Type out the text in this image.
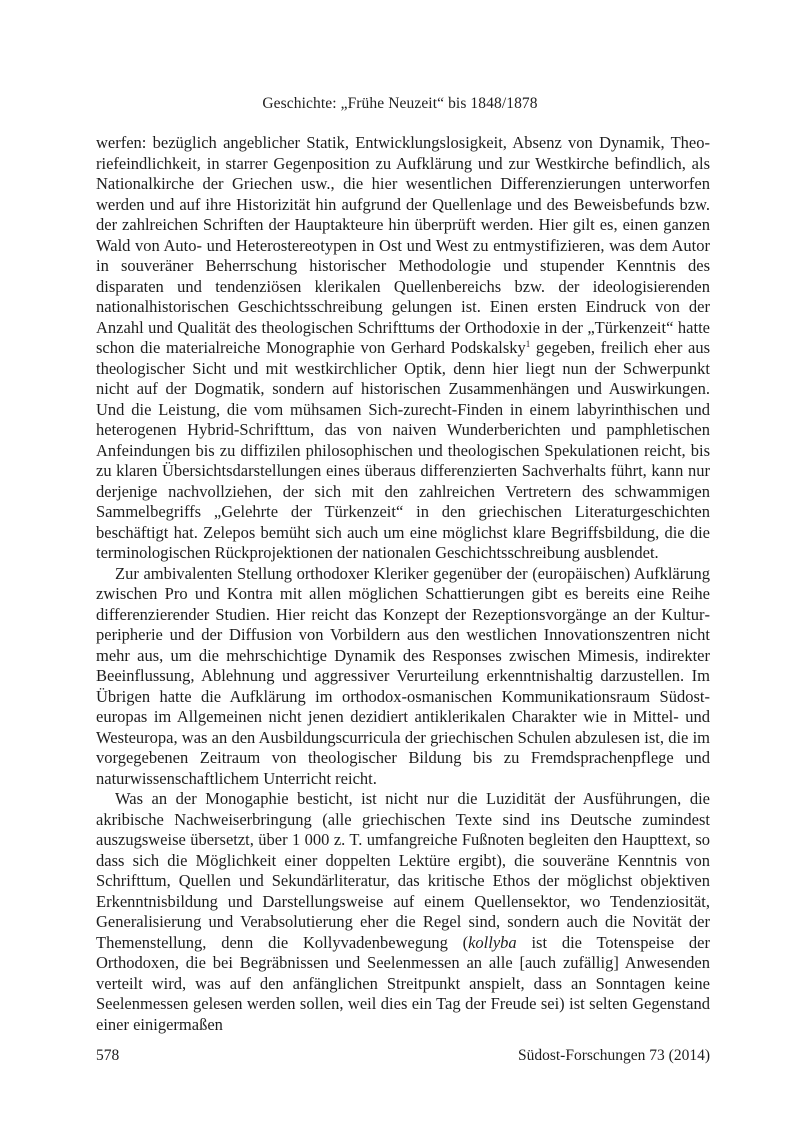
Geschichte: „Frühe Neuzeit“ bis 1848/1878

werfen: bezüglich angeblicher Statik, Entwicklungslosigkeit, Absenz von Dynamik, Theoriefeindlichkeit, in starrer Gegenposition zu Aufklärung und zur Westkirche befindlich, als Nationalkirche der Griechen usw., die hier wesentlichen Differenzierungen unterworfen werden und auf ihre Historizität hin aufgrund der Quellenlage und des Beweisbefunds bzw. der zahlreichen Schriften der Hauptakteure hin überprüft werden. Hier gilt es, einen ganzen Wald von Auto- und Heterostereotypen in Ost und West zu entmystifizieren, was dem Autor in souveräner Beherrschung historischer Methodologie und stupender Kenntnis des disparaten und tendenziösen klerikalen Quellenbereichs bzw. der ideologisierenden nationalhistorischen Geschichtsschreibung gelungen ist. Einen ersten Eindruck von der Anzahl und Qualität des theologischen Schrifttums der Orthodoxie in der „Türkenzeit“ hatte schon die materialreiche Monographie von Gerhard Podskalsky$^1$ gegeben, freilich eher aus theologischer Sicht und mit westkirchlicher Optik, denn hier liegt nun der Schwerpunkt nicht auf der Dogmatik, sondern auf historischen Zusammenhängen und Auswirkungen. Und die Leistung, die vom mühsamen Sich-zurecht-Finden in einem labyrinthischen und heterogenen Hybrid-Schrifttum, das von naiven Wunderberichten und pamphletischen Anfeindungen bis zu diffizilen philosophischen und theologischen Spekulationen reicht, bis zu klaren Übersichtsdarstellungen eines überaus differenzierten Sachverhalts führt, kann nur derjenige nachvollziehen, der sich mit den zahlreichen Vertretern des schwammigen Sammelbegriffs „Gelehrte der Türkenzeit“ in den griechischen Literaturgeschichten beschäftigt hat. Zelepos bemüht sich auch um eine möglichst klare Begriffsbildung, die die terminologischen Rückprojektionen der nationalen Geschichtsschreibung ausblendet.

Zur ambivalenten Stellung orthodoxer Kleriker gegenüber der (europäischen) Aufklärung zwischen Pro und Kontra mit allen möglichen Schattierungen gibt es bereits eine Reihe differenzierender Studien. Hier reicht das Konzept der Rezeptionsvorgänge an der Kulturperipherie und der Diffusion von Vorbildern aus den westlichen Innovationszentren nicht mehr aus, um die mehrschichtige Dynamik des Responses zwischen Mimesis, indirekter Beeinflussung, Ablehnung und aggressiver Verurteilung erkenntnishaltig darzustellen. Im Übrigen hatte die Aufklärung im orthodox-osmanischen Kommunikationsraum Südosteuropas im Allgemeinen nicht jenen dezidiert antiklerikalen Charakter wie in Mittel- und Westeuropa, was an den Ausbildungscurricula der griechischen Schulen abzulesen ist, die im vorgegebenen Zeitraum von theologischer Bildung bis zu Fremdsprachenpflege und naturwissenschaftlichem Unterricht reicht.

Was an der Monogaphie besticht, ist nicht nur die Luzidität der Ausführungen, die akribische Nachweiserbringung (alle griechischen Texte sind ins Deutsche zumindest auszugsweise übersetzt, über 1 000 z. T. umfangreiche Fußnoten begleiten den Haupttext, so dass sich die Möglichkeit einer doppelten Lektüre ergibt), die souveräne Kenntnis von Schrifttum, Quellen und Sekundärliteratur, das kritische Ethos der möglichst objektiven Erkenntnisbildung und Darstellungsweise auf einem Quellensektor, wo Tendenziosität, Generalisierung und Verabsolutierung eher die Regel sind, sondern auch die Novität der Themenstellung, denn die Kollyvadenbewegung (kollyba ist die Totenspeise der Orthodoxen, die bei Begräbnissen und Seelenmessen an alle [auch zufällig] Anwesenden verteilt wird, was auf den anfänglichen Streitpunkt anspielt, dass an Sonntagen keine Seelenmessen gelesen werden sollen, weil dies ein Tag der Freude sei) ist selten Gegenstand einer einigermaßen

578	Südost-Forschungen 73 (2014)
